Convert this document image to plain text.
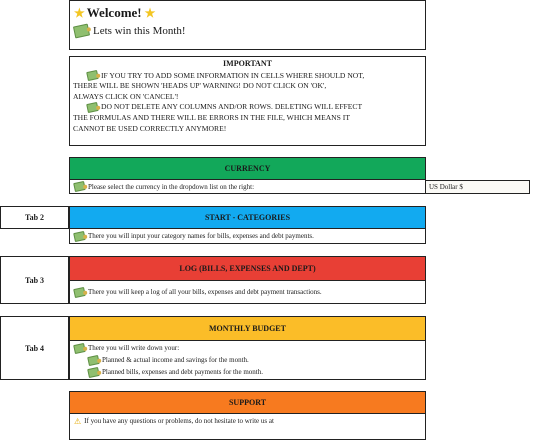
★ Welcome! ★
Lets win this Month!

IMPORTANT

IF YOU TRY TO ADD SOME INFORMATION IN CELLS WHERE SHOULD NOT,

THERE WILL BE SHOWN 'HEADS UP' WARNING! DO NOT CLICK ON 'OK',

ALWAYS CLICK ON 'CANCEL'!

DO NOT DELETE ANY COLUMNS AND/OR ROWS. DELETING WILL EFFECT

THE FORMULAS AND THERE WILL BE ERRORS IN THE FILE, WHICH MEANS IT

CANNOT BE USED CORRECTLY ANYMORE!

CURRENCY
Please select the currency in the dropdown list on the right:	US Dollar $
Tab 2	START - CATEGORIES
There you will input your category names for bills, expenses and debt payments.
Tab 3
LOG (BILLS, EXPENSES AND DEPT)
There you will keep a log of all your bills, expenses and debt payment transactions.
Tab 4
MONTHLY BUDGET
There you will write down your:
Planned & actual income and savings for the month.
Planned bills, expenses and debt payments for the month.
SUPPORT
⚠ If you have any questions or problems, do not hesitate to write us at
